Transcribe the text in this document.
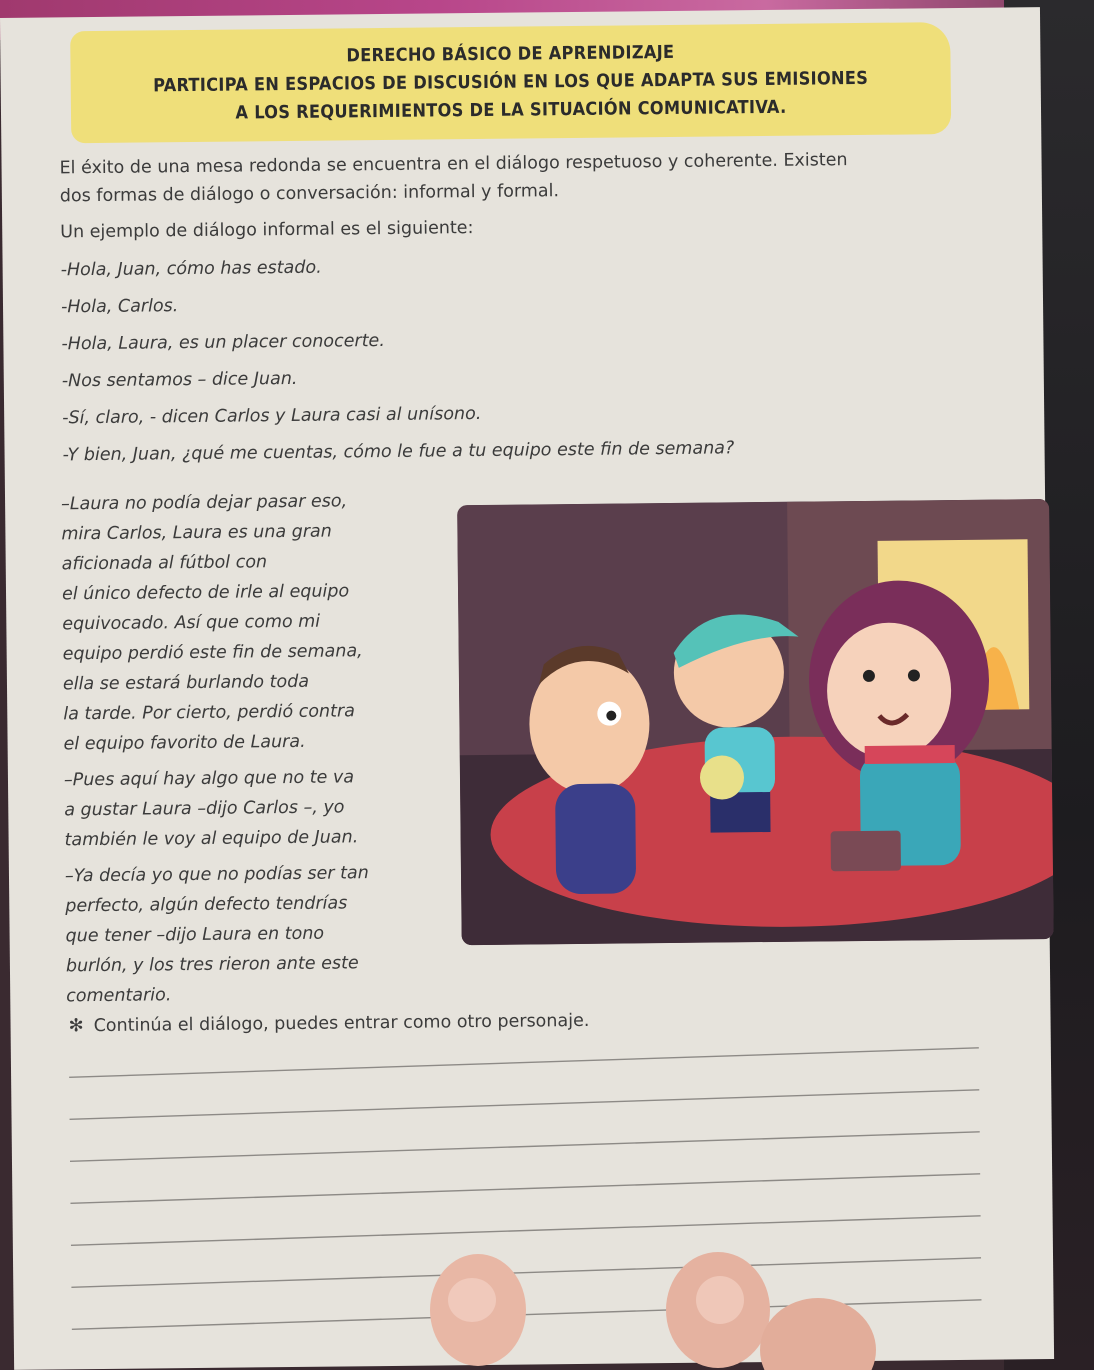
DERECHO BÁSICO DE APRENDIZAJE
PARTICIPA EN ESPACIOS DE DISCUSIÓN EN LOS QUE ADAPTA SUS EMISIONES
A LOS REQUERIMIENTOS DE LA SITUACIÓN COMUNICATIVA.

El éxito de una mesa redonda se encuentra en el diálogo respetuoso y coherente. Existen

dos formas de diálogo o conversación: informal y formal.

Un ejemplo de diálogo informal es el siguiente:

-Hola, Juan, cómo has estado.

-Hola, Carlos.

-Hola, Laura, es un placer conocerte.

-Nos sentamos – dice Juan.

-Sí, claro, - dicen Carlos y Laura casi al unísono.

-Y bien, Juan, ¿qué me cuentas, cómo le fue a tu equipo este fin de semana?

–Laura no podía dejar pasar eso,
mira Carlos, Laura es una gran
aficionada al fútbol con
el único defecto de irle al equipo
equivocado. Así que como mi
equipo perdió este fin de semana,
ella se estará burlando toda
la tarde. Por cierto, perdió contra
el equipo favorito de Laura.

–Pues aquí hay algo que no te va
a gustar Laura –dijo Carlos –, yo
también le voy al equipo de Juan.

–Ya decía yo que no podías ser tan
perfecto, algún defecto tendrías
que tener –dijo Laura en tono
burlón, y los tres rieron ante este
comentario.

✻ Continúa el diálogo, puedes entrar como otro personaje.
